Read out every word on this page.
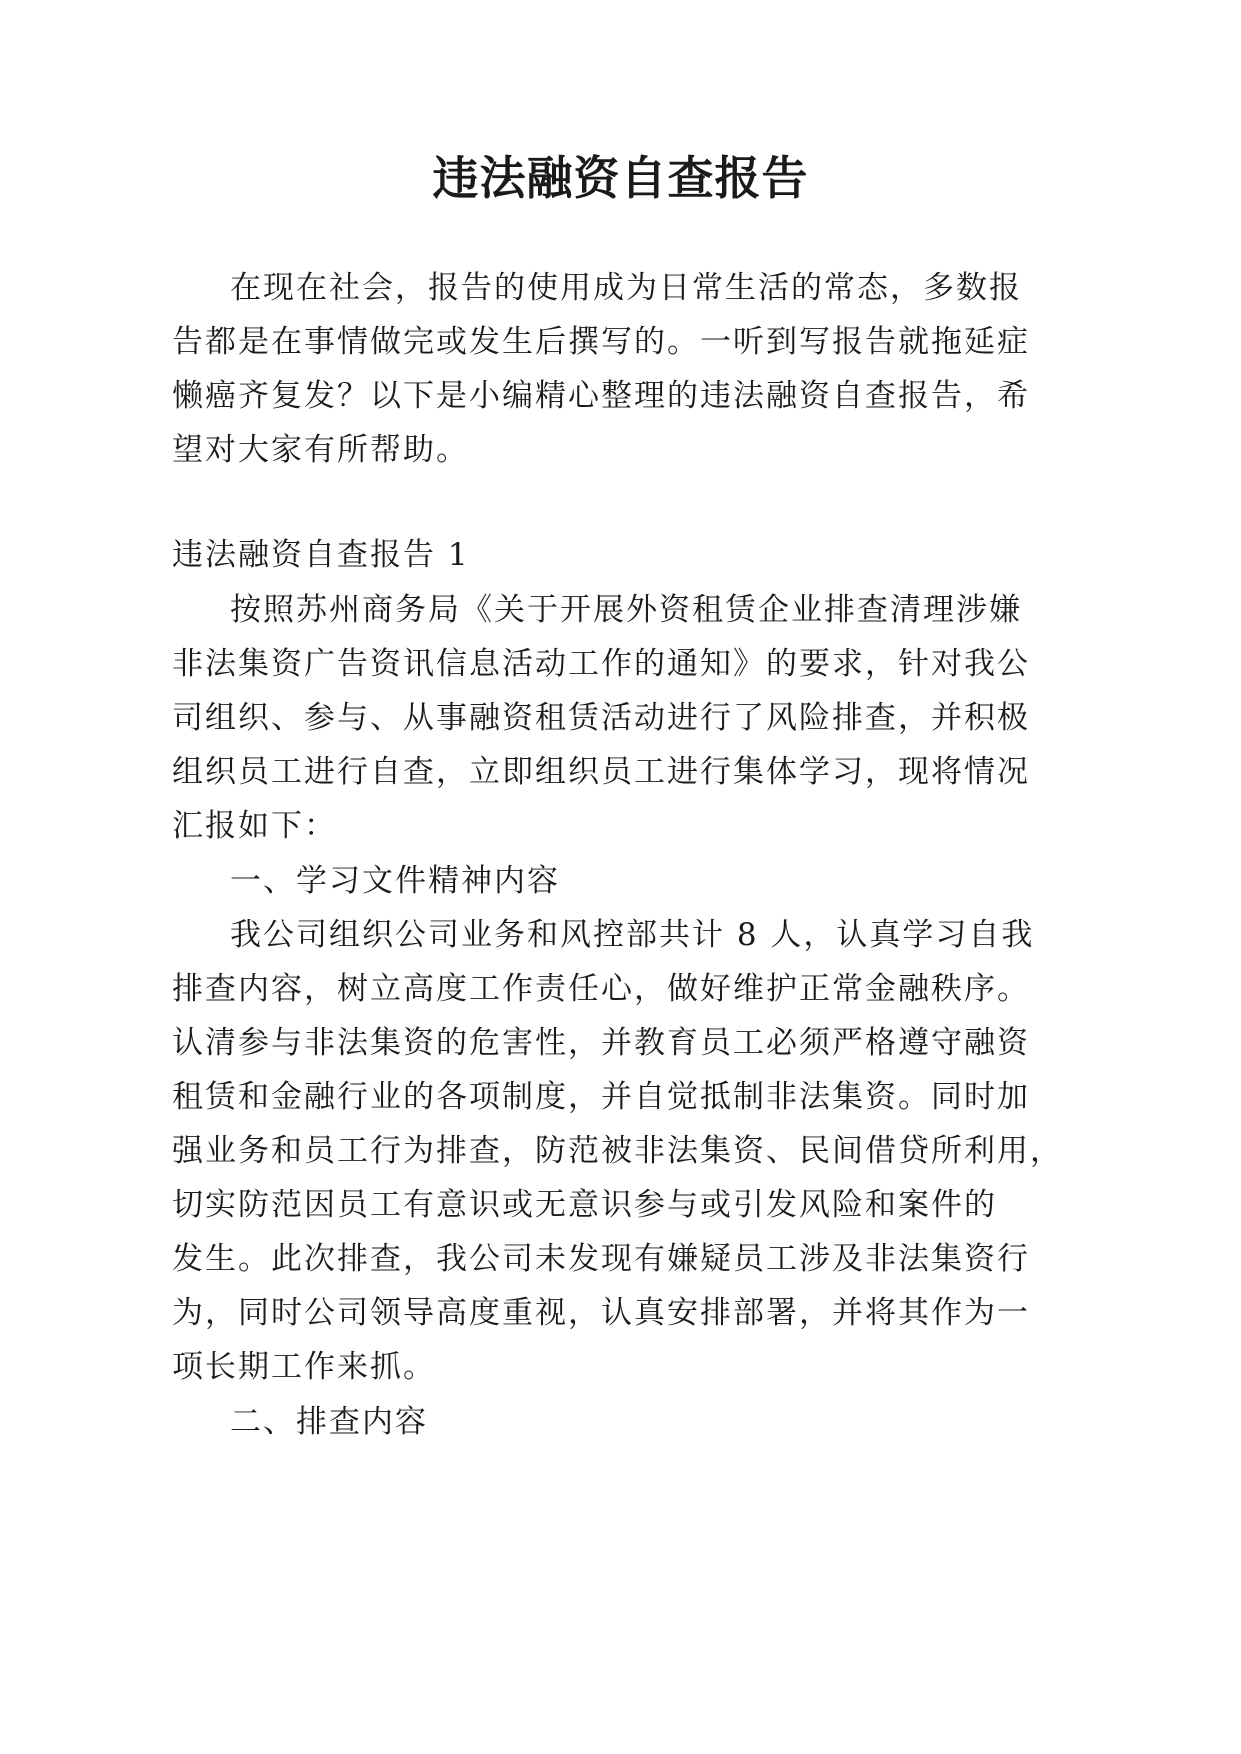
违法融资自查报告

在现在社会，报告的使用成为日常生活的常态，多数报

告都是在事情做完或发生后撰写的。一听到写报告就拖延症

懒癌齐复发？以下是小编精心整理的违法融资自查报告，希

望对大家有所帮助。

违法融资自查报告 1

按照苏州商务局《关于开展外资租赁企业排查清理涉嫌

非法集资广告资讯信息活动工作的通知》的要求，针对我公

司组织、参与、从事融资租赁活动进行了风险排查，并积极

组织员工进行自查，立即组织员工进行集体学习，现将情况

汇报如下：

一、学习文件精神内容

我公司组织公司业务和风控部共计 8 人，认真学习自我

排查内容，树立高度工作责任心，做好维护正常金融秩序。

认清参与非法集资的危害性，并教育员工必须严格遵守融资

租赁和金融行业的各项制度，并自觉抵制非法集资。同时加

强业务和员工行为排查，防范被非法集资、民间借贷所利用，

切实防范因员工有意识或无意识参与或引发风险和案件的

发生。此次排查，我公司未发现有嫌疑员工涉及非法集资行

为，同时公司领导高度重视，认真安排部署，并将其作为一

项长期工作来抓。

二、排查内容
